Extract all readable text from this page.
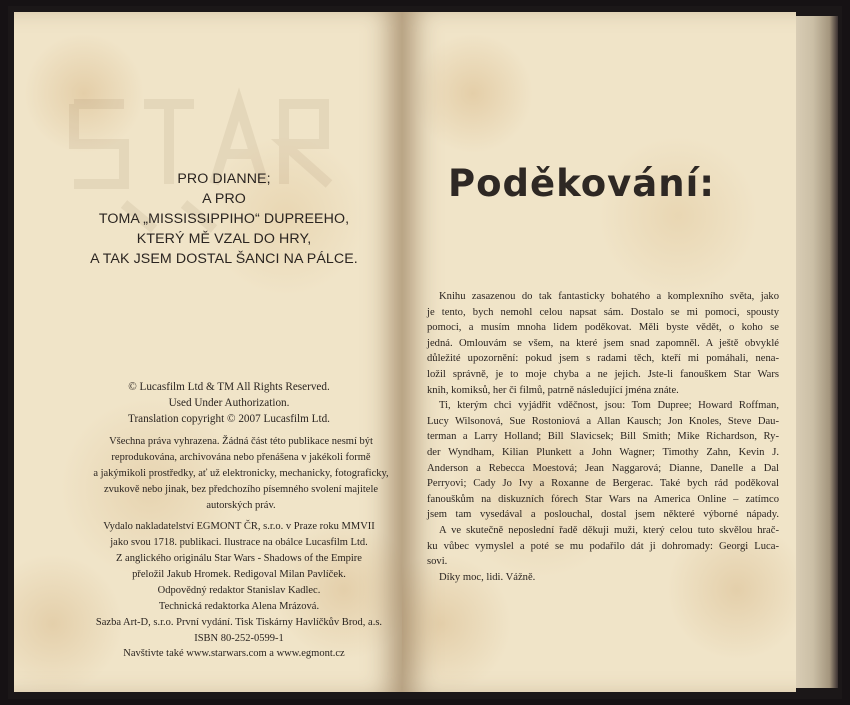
PRO DIANNE;
A PRO
TOMA „MISSISSIPPIHO“ DUPREEHO,
KTERÝ MĚ VZAL DO HRY,
A TAK JSEM DOSTAL ŠANCI NA PÁLCE.
© Lucasfilm Ltd & TM All Rights Reserved.
Used Under Authorization.
Translation copyright © 2007 Lucasfilm Ltd.
Všechna práva vyhrazena. Žádná část této publikace nesmí být
reprodukována, archivována nebo přenášena v jakékoli formě
a jakýmikoli prostředky, ať už elektronicky, mechanicky, fotograficky,
zvukově nebo jinak, bez předchozího písemného svolení majitele
autorských práv.
Vydalo nakladatelství EGMONT ČR, s.r.o. v Praze roku MMVII
jako svou 1718. publikaci. Ilustrace na obálce Lucasfilm Ltd.
Z anglického originálu Star Wars - Shadows of the Empire
přeložil Jakub Hromek. Redigoval Milan Pavlíček.
Odpovědný redaktor Stanislav Kadlec.
Technická redaktorka Alena Mrázová.
Sazba Art-D, s.r.o. První vydání. Tisk Tiskárny Havlíčkův Brod, a.s.
ISBN 80-252-0599-1
Navštivte také www.starwars.com a www.egmont.cz
Poděkování:
Knihu zasazenou do tak fantasticky bohatého a komplexního světa, jako
je tento, bych nemohl celou napsat sám. Dostalo se mi pomoci, spousty
pomoci, a musím mnoha lidem poděkovat. Měli byste vědět, o koho se
jedná. Omlouvám se všem, na které jsem snad zapomněl. A ještě obvyklé
důležité upozornění: pokud jsem s radami těch, kteří mi pomáhali, nena-
ložil správně, je to moje chyba a ne jejich. Jste-li fanouškem Star Wars
knih, komiksů, her či filmů, patrně následující jména znáte.
Ti, kterým chci vyjádřit vděčnost, jsou: Tom Dupree; Howard Roffman,
Lucy Wilsonová, Sue Rostoniová a Allan Kausch; Jon Knoles, Steve Dau-
terman a Larry Holland; Bill Slavicsek; Bill Smith; Mike Richardson, Ry-
der Wyndham, Kilian Plunkett a John Wagner; Timothy Zahn, Kevin J.
Anderson a Rebecca Moestová; Jean Naggarová; Dianne, Danelle a Dal
Perryovi; Cady Jo Ivy a Roxanne de Bergerac. Také bych rád poděkoval
fanouškům na diskuzních fórech Star Wars na America Online – zatímco
jsem tam vysedával a poslouchal, dostal jsem některé výborné nápady.
A ve skutečně neposlední řadě děkuji muži, který celou tuto skvělou hrač-
ku vůbec vymyslel a poté se mu podařilo dát ji dohromady: Georgi Luca-
sovi.
Díky moc, lidi. Vážně.
